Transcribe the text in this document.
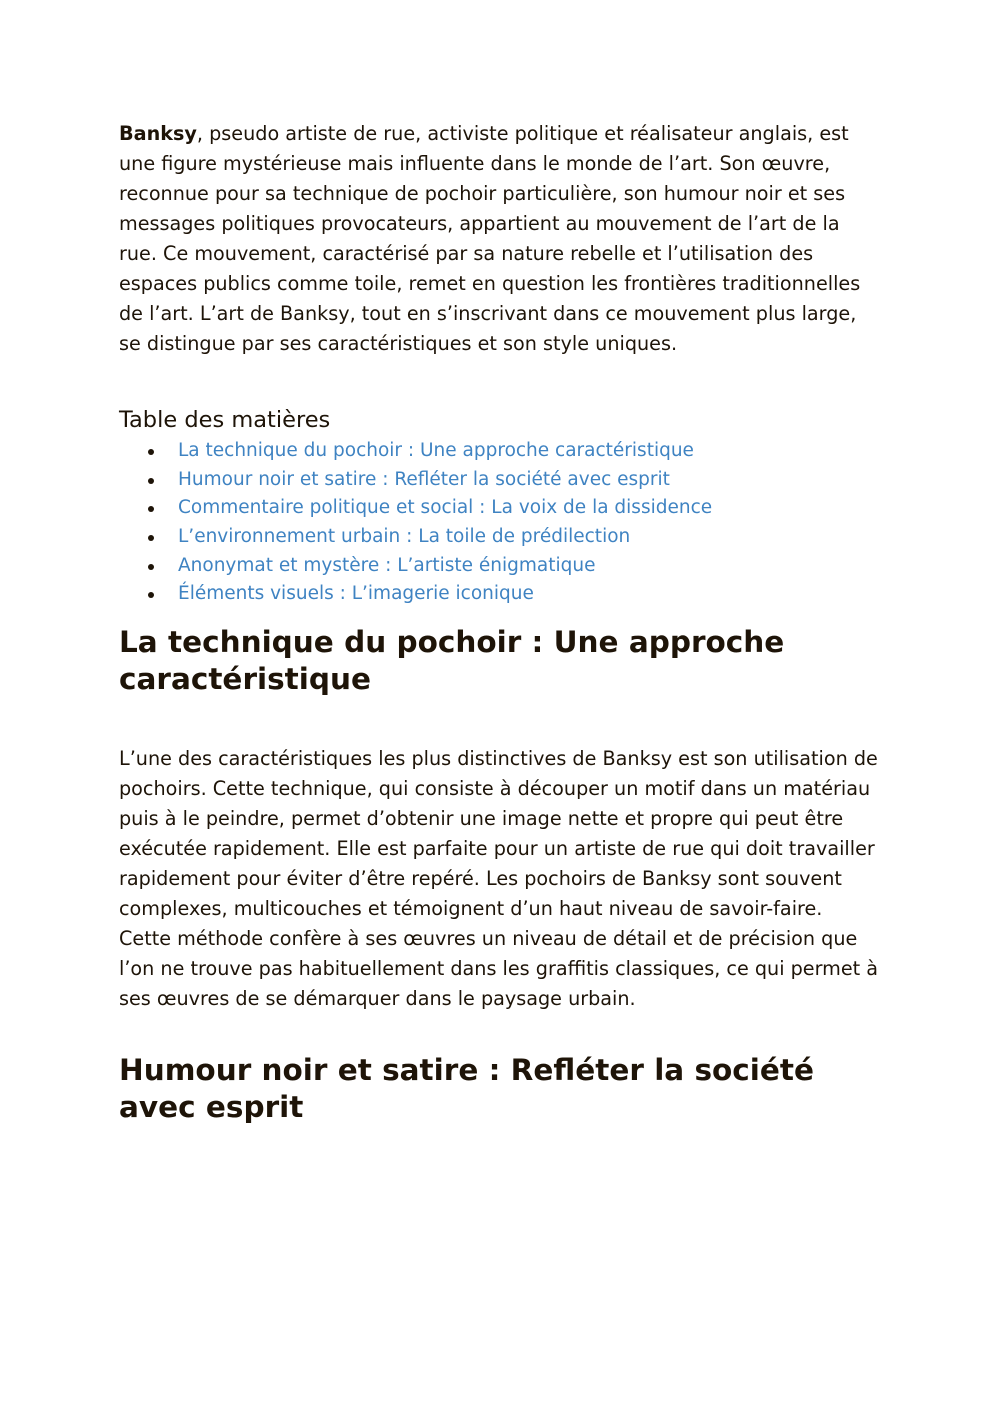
Banksy, pseudo artiste de rue, activiste politique et réalisateur anglais, est une figure mystérieuse mais influente dans le monde de l’art. Son œuvre, reconnue pour sa technique de pochoir particulière, son humour noir et ses messages politiques provocateurs, appartient au mouvement de l’art de la rue. Ce mouvement, caractérisé par sa nature rebelle et l’utilisation des espaces publics comme toile, remet en question les frontières traditionnelles de l’art. L’art de Banksy, tout en s’inscrivant dans ce mouvement plus large, se distingue par ses caractéristiques et son style uniques.

Table des matières
La technique du pochoir : Une approche caractéristique
Humour noir et satire : Refléter la société avec esprit
Commentaire politique et social : La voix de la dissidence
L’environnement urbain : La toile de prédilection
Anonymat et mystère : L’artiste énigmatique
Éléments visuels : L’imagerie iconique
La technique du pochoir : Une approche caractéristique

L’une des caractéristiques les plus distinctives de Banksy est son utilisation de pochoirs. Cette technique, qui consiste à découper un motif dans un matériau puis à le peindre, permet d’obtenir une image nette et propre qui peut être exécutée rapidement. Elle est parfaite pour un artiste de rue qui doit travailler rapidement pour éviter d’être repéré. Les pochoirs de Banksy sont souvent complexes, multicouches et témoignent d’un haut niveau de savoir-faire. Cette méthode confère à ses œuvres un niveau de détail et de précision que l’on ne trouve pas habituellement dans les graffitis classiques, ce qui permet à ses œuvres de se démarquer dans le paysage urbain.

Humour noir et satire : Refléter la société avec esprit
